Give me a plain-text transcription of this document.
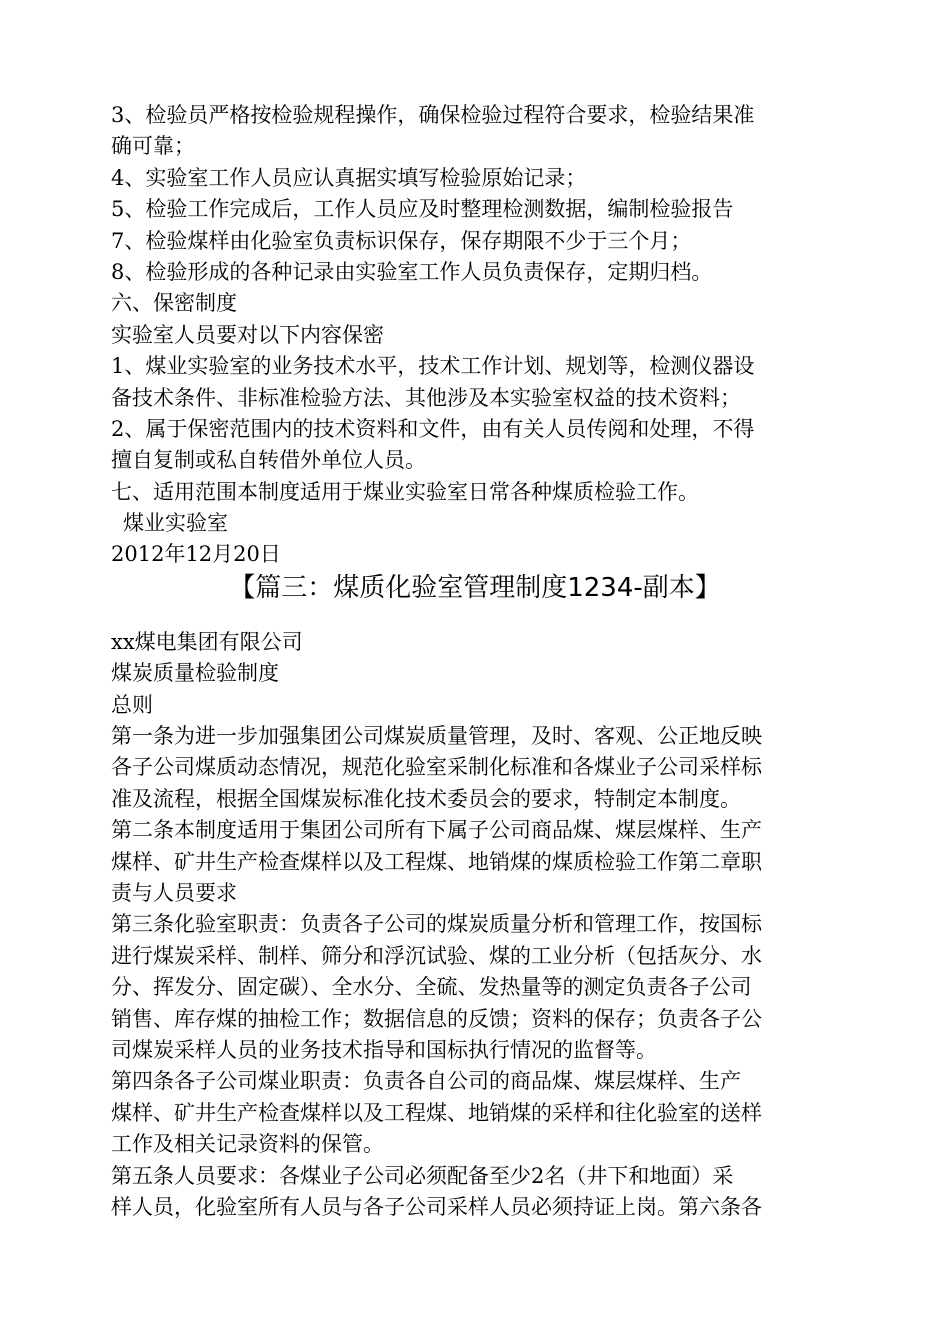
3、检验员严格按检验规程操作，确保检验过程符合要求，检验结果准
确可靠；
4、实验室工作人员应认真据实填写检验原始记录；
5、检验工作完成后，工作人员应及时整理检测数据，编制检验报告
7、检验煤样由化验室负责标识保存，保存期限不少于三个月；
8、检验形成的各种记录由实验室工作人员负责保存，定期归档。
六、保密制度
实验室人员要对以下内容保密
1、煤业实验室的业务技术水平，技术工作计划、规划等，检测仪器设
备技术条件、非标准检验方法、其他涉及本实验室权益的技术资料；
2、属于保密范围内的技术资料和文件，由有关人员传阅和处理，不得
擅自复制或私自转借外单位人员。
七、适用范围本制度适用于煤业实验室日常各种煤质检验工作。
煤业实验室
2012年12月20日
【篇三：煤质化验室管理制度1234-副本】
xx煤电集团有限公司
煤炭质量检验制度
总则
第一条为进一步加强集团公司煤炭质量管理，及时、客观、公正地反映
各子公司煤质动态情况，规范化验室采制化标准和各煤业子公司采样标
准及流程，根据全国煤炭标准化技术委员会的要求，特制定本制度。
第二条本制度适用于集团公司所有下属子公司商品煤、煤层煤样、生产
煤样、矿井生产检查煤样以及工程煤、地销煤的煤质检验工作第二章职
责与人员要求
第三条化验室职责：负责各子公司的煤炭质量分析和管理工作，按国标
进行煤炭采样、制样、筛分和浮沉试验、煤的工业分析（包括灰分、水
分、挥发分、固定碳）、全水分、全硫、发热量等的测定负责各子公司
销售、库存煤的抽检工作；数据信息的反馈；资料的保存；负责各子公
司煤炭采样人员的业务技术指导和国标执行情况的监督等。
第四条各子公司煤业职责：负责各自公司的商品煤、煤层煤样、生产
煤样、矿井生产检查煤样以及工程煤、地销煤的采样和往化验室的送样
工作及相关记录资料的保管。
第五条人员要求：各煤业子公司必须配备至少2名（井下和地面）采
样人员，化验室所有人员与各子公司采样人员必须持证上岗。第六条各
